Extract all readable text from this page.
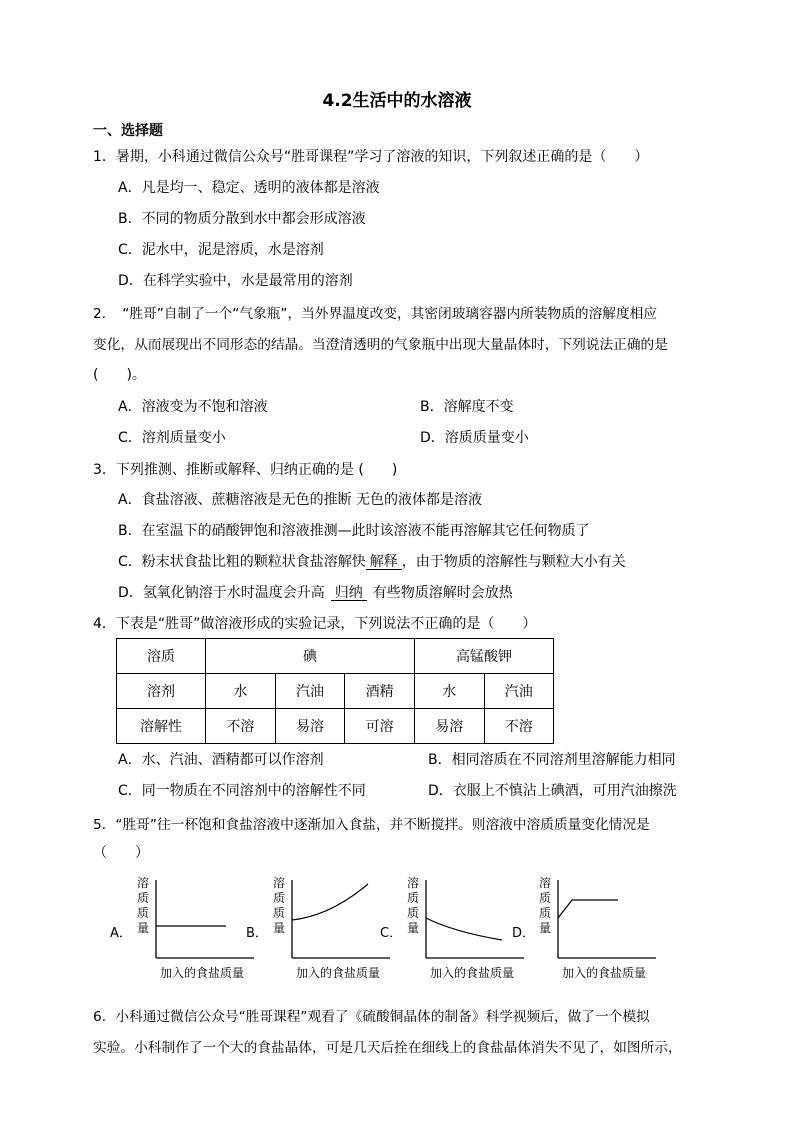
4.2生活中的水溶液
一、选择题
1．暑期，小科通过微信公众号“胜哥课程”学习了溶液的知识，下列叙述正确的是（　　）
A．凡是均一、稳定、透明的液体都是溶液
B．不同的物质分散到水中都会形成溶液
C．泥水中，泥是溶质，水是溶剂
D．在科学实验中，水是最常用的溶剂
2．　“胜哥”自制了一个“气象瓶”，当外界温度改变，其密闭玻璃容器内所装物质的溶解度相应
变化，从而展现出不同形态的结晶。当澄清透明的气象瓶中出现大量晶体时，下列说法正确的是
(　　)。
A．溶液变为不饱和溶液	B．溶解度不变
C．溶剂质量变小	D．溶质质量变小
3．下列推测、推断或解释、归纳正确的是 (　　)
A．食盐溶液、蔗糖溶液是无色的推断 无色的液体都是溶液
B．在室温下的硝酸钾饱和溶液推测—此时该溶液不能再溶解其它任何物质了
C．粉末状食盐比粗的颗粒状食盐溶解快 解释 ，由于物质的溶解性与颗粒大小有关
D．氢氧化钠溶于水时温度会升高 归纳 有些物质溶解时会放热
4．下表是“胜哥”做溶液形成的实验记录，下列说法不正确的是（　　）
溶质	碘			高锰酸钾	
溶剂	水	汽油	酒精	水	汽油
溶解性	不溶	易溶	可溶	易溶	不溶
A．水、汽油、酒精都可以作溶剂	B．相同溶质在不同溶剂里溶解能力相同
C．同一物质在不同溶剂中的溶解性不同	D．衣服上不慎沾上碘酒，可用汽油擦洗
5．“胜哥”往一杯饱和食盐溶液中逐渐加入食盐，并不断搅拌。则溶液中溶质质量变化情况是
（　　）
A．
溶
质
质
量
加入的食盐质量
B．
溶
质
质
量
加入的食盐质量
C．
溶
质
质
量
加入的食盐质量
D．
溶
质
质
量
加入的食盐质量
6．小科通过微信公众号“胜哥课程”观看了《硫酸铜晶体的制备》科学视频后，做了一个模拟
实验。小科制作了一个大的食盐晶体，可是几天后拴在细线上的食盐晶体消失不见了，如图所示，
